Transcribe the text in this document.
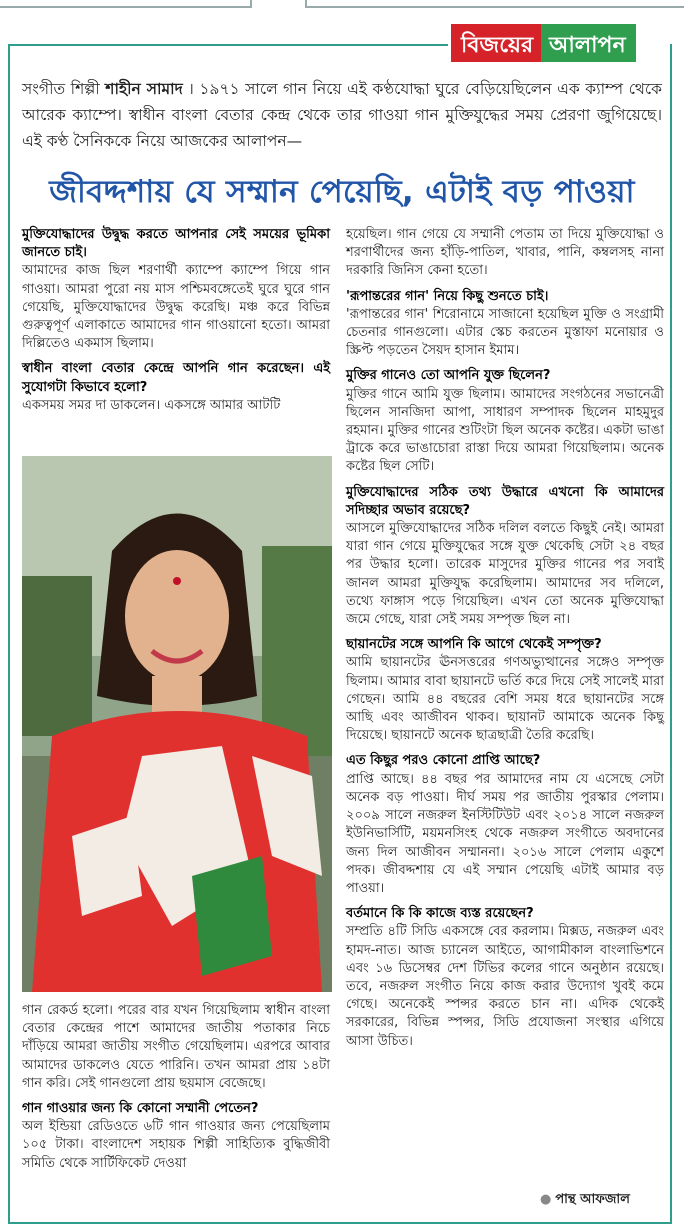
বিজয়ের আলাপন
সংগীত শিল্পী শাহীন সামাদ । ১৯৭১ সালে গান নিয়ে এই কণ্ঠযোদ্ধা ঘুরে বেড়িয়েছিলেন এক ক্যাম্প থেকে আরেক ক্যাম্পে। স্বাধীন বাংলা বেতার কেন্দ্র থেকে তার গাওয়া গান মুক্তিযুদ্ধের সময় প্রেরণা জুগিয়েছে। এই কণ্ঠ সৈনিককে নিয়ে আজকের আলাপন—
জীবদ্দশায় যে সম্মান পেয়েছি, এটাই বড় পাওয়া

মুক্তিযোদ্ধাদের উদ্বুদ্ধ করতে আপনার সেই সময়ের ভূমিকা জানতে চাই।

আমাদের কাজ ছিল শরণার্থী ক্যাম্পে ক্যাম্পে গিয়ে গান গাওয়া। আমরা পুরো নয় মাস পশ্চিমবঙ্গেতেই ঘুরে ঘুরে গান গেয়েছি, মুক্তিযোদ্ধাদের উদ্বুদ্ধ করেছি। মঞ্চ করে বিভিন্ন গুরুত্বপূর্ণ এলাকাতে আমাদের গান গাওয়ানো হতো। আমরা দিল্লিতেও একমাস ছিলাম।

স্বাধীন বাংলা বেতার কেন্দ্রে আপনি গান করেছেন। এই সুযোগটা কিভাবে হলো?

একসময় সমর দা ডাকলেন। একসঙ্গে আমার আটটি

গান রেকর্ড হলো। পরের বার যখন গিয়েছিলাম স্বাধীন বাংলা বেতার কেন্দ্রের পাশে আমাদের জাতীয় পতাকার নিচে দাঁড়িয়ে আমরা জাতীয় সংগীত গেয়েছিলাম। এরপরে আবার আমাদের ডাকলেও যেতে পারিনি। তখন আমরা প্রায় ১৪টা গান করি। সেই গানগুলো প্রায় ছয়মাস বেজেছে।

গান গাওয়ার জন্য কি কোনো সম্মানী পেতেন?

অল ইন্ডিয়া রেডিওতে ৬টি গান গাওয়ার জন্য পেয়েছিলাম ১০৫ টাকা। বাংলাদেশ সহায়ক শিল্পী সাহিত্যিক বুদ্ধিজীবী সমিতি থেকে সার্টিফিকেট দেওয়া

হয়েছিল। গান গেয়ে যে সম্মানী পেতাম তা দিয়ে মুক্তিযোদ্ধা ও শরণার্থীদের জন্য হাঁড়ি-পাতিল, খাবার, পানি, কম্বলসহ নানা দরকারি জিনিস কেনা হতো।

'রূপান্তরের গান' নিয়ে কিছু শুনতে চাই।

'রূপান্তরের গান' শিরোনামে সাজানো হয়েছিল মুক্তি ও সংগ্রামী চেতনার গানগুলো। এটার স্কেচ করতেন মুস্তাফা মনোয়ার ও স্ক্রিপ্ট পড়তেন সৈয়দ হাসান ইমাম।

মুক্তির গানেও তো আপনি যুক্ত ছিলেন?

মুক্তির গানে আমি যুক্ত ছিলাম। আমাদের সংগঠনের সভানেত্রী ছিলেন সানজিদা আপা, সাধারণ সম্পাদক ছিলেন মাহমুদুর রহমান। মুক্তির গানের শুটিংটা ছিল অনেক কষ্টের। একটা ভাঙা ট্রাকে করে ভাঙাচোরা রাস্তা দিয়ে আমরা গিয়েছিলাম। অনেক কষ্টের ছিল সেটি।

মুক্তিযোদ্ধাদের সঠিক তথ্য উদ্ধারে এখনো কি আমাদের সদিচ্ছার অভাব রয়েছে?

আসলে মুক্তিযোদ্ধাদের সঠিক দলিল বলতে কিছুই নেই। আমরা যারা গান গেয়ে মুক্তিযুদ্ধের সঙ্গে যুক্ত থেকেছি সেটা ২৪ বছর পর উদ্ধার হলো। তারেক মাসুদের মুক্তির গানের পর সবাই জানল আমরা মুক্তিযুদ্ধ করেছিলাম। আমাদের সব দলিলে, তথ্যে ফাঙ্গাস পড়ে গিয়েছিল। এখন তো অনেক মুক্তিযোদ্ধা জমে গেছে, যারা সেই সময় সম্পৃক্ত ছিল না।

ছায়ানটের সঙ্গে আপনি কি আগে থেকেই সম্পৃক্ত?

আমি ছায়ানটের ঊনসত্তরের গণঅভ্যুত্থানের সঙ্গেও সম্পৃক্ত ছিলাম। আমার বাবা ছায়ানটে ভর্তি করে দিয়ে সেই সালেই মারা গেছেন। আমি ৪৪ বছরের বেশি সময় ধরে ছায়ানটের সঙ্গে আছি এবং আজীবন থাকব। ছায়ানট আমাকে অনেক কিছু দিয়েছে। ছায়ানটে অনেক ছাত্রছাত্রী তৈরি করেছি।

এত কিছুর পরও কোনো প্রাপ্তি আছে?

প্রাপ্তি আছে। ৪৪ বছর পর আমাদের নাম যে এসেছে সেটা অনেক বড় পাওয়া। দীর্ঘ সময় পর জাতীয় পুরস্কার পেলাম। ২০০৯ সালে নজরুল ইনস্টিটিউট এবং ২০১৪ সালে নজরুল ইউনিভার্সিটি, ময়মনসিংহ থেকে নজরুল সংগীতে অবদানের জন্য দিল আজীবন সম্মাননা। ২০১৬ সালে পেলাম একুশে পদক। জীবদ্দশায় যে এই সম্মান পেয়েছি এটাই আমার বড় পাওয়া।

বর্তমানে কি কি কাজে ব্যস্ত রয়েছেন?

সম্প্রতি ৪টি সিডি একসঙ্গে বের করলাম। মিক্সড, নজরুল এবং হামদ-নাত। আজ চ্যানেল আইতে, আগামীকাল বাংলাভিশনে এবং ১৬ ডিসেম্বর দেশ টিভির কলের গানে অনুষ্ঠান রয়েছে। তবে, নজরুল সংগীত নিয়ে কাজ করার উদ্যোগ খুবই কমে গেছে। অনেকেই স্পন্সর করতে চান না। এদিক থেকেই সরকারের, বিভিন্ন স্পন্সর, সিডি প্রযোজনা সংস্থার এগিয়ে আসা উচিত।

● পান্থ আফজাল
